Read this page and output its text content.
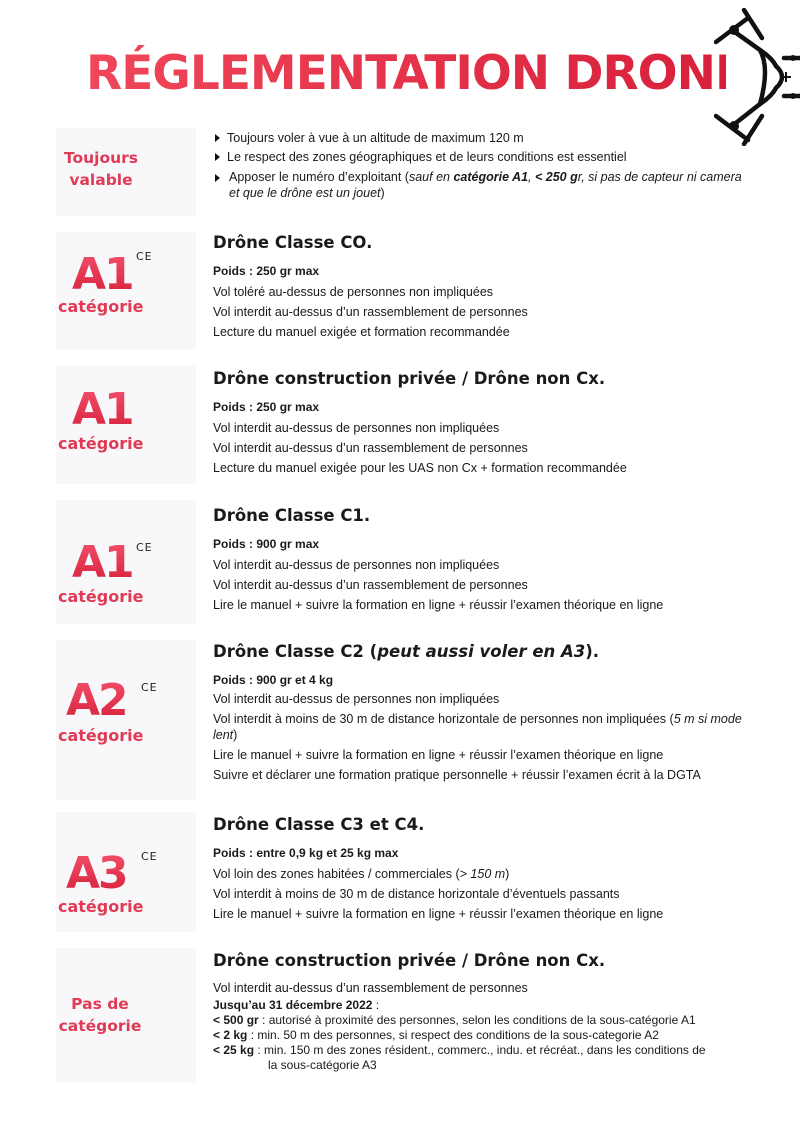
RÉGLEMENTATION DRONES
Toujours
valable
A1 CE
catégorie
A1
catégorie
A1 CE
catégorie
A2 CE
catégorie
A3 CE
catégorie
Pas de
catégorie
Toujours voler à vue à un altitude de maximum 120 m
Le respect des zones géographiques et de leurs conditions est essentiel
Apposer le numéro d’exploitant (sauf en catégorie A1, < 250 gr, si pas de capteur ni camera et que le drône est un jouet)
Drône Classe CO.
Poids : 250 gr max
Vol toléré au-dessus de personnes non impliquées
Vol interdit au-dessus d’un rassemblement de personnes
Lecture du manuel exigée et formation recommandée
Drône construction privée / Drône non Cx.
Poids : 250 gr max
Vol interdit au-dessus de personnes non impliquées
Vol interdit au-dessus d’un rassemblement de personnes
Lecture du manuel exigée pour les UAS non Cx + formation recommandée
Drône Classe C1.
Poids : 900 gr max
Vol interdit au-dessus de personnes non impliquées
Vol interdit au-dessus d’un rassemblement de personnes
Lire le manuel + suivre la formation en ligne + réussir l’examen théorique en ligne
Drône Classe C2 (peut aussi voler en A3).
Poids : 900 gr et 4 kg
Vol interdit au-dessus de personnes non impliquées
Vol interdit à moins de 30 m de distance horizontale de personnes non impliquées (5 m si mode lent)
Lire le manuel + suivre la formation en ligne + réussir l’examen théorique en ligne
Suivre et déclarer une formation pratique personnelle + réussir l’examen écrit à la DGTA
Drône Classe C3 et C4.
Poids : entre 0,9 kg et 25 kg max
Vol loin des zones habitées / commerciales (> 150 m)
Vol interdit à moins de 30 m de distance horizontale d’éventuels passants
Lire le manuel + suivre la formation en ligne + réussir l’examen théorique en ligne
Drône construction privée / Drône non Cx.
Vol interdit au-dessus d’un rassemblement de personnes
Jusqu’au 31 décembre 2022 :
< 500 gr : autorisé à proximité des personnes, selon les conditions de la sous-catégorie A1
< 2 kg : min. 50 m des personnes, si respect des conditions de la sous-categorie A2
< 25 kg : min. 150 m des zones résident., commerc., indu. et récréat., dans les conditions de
la sous-catégorie A3
